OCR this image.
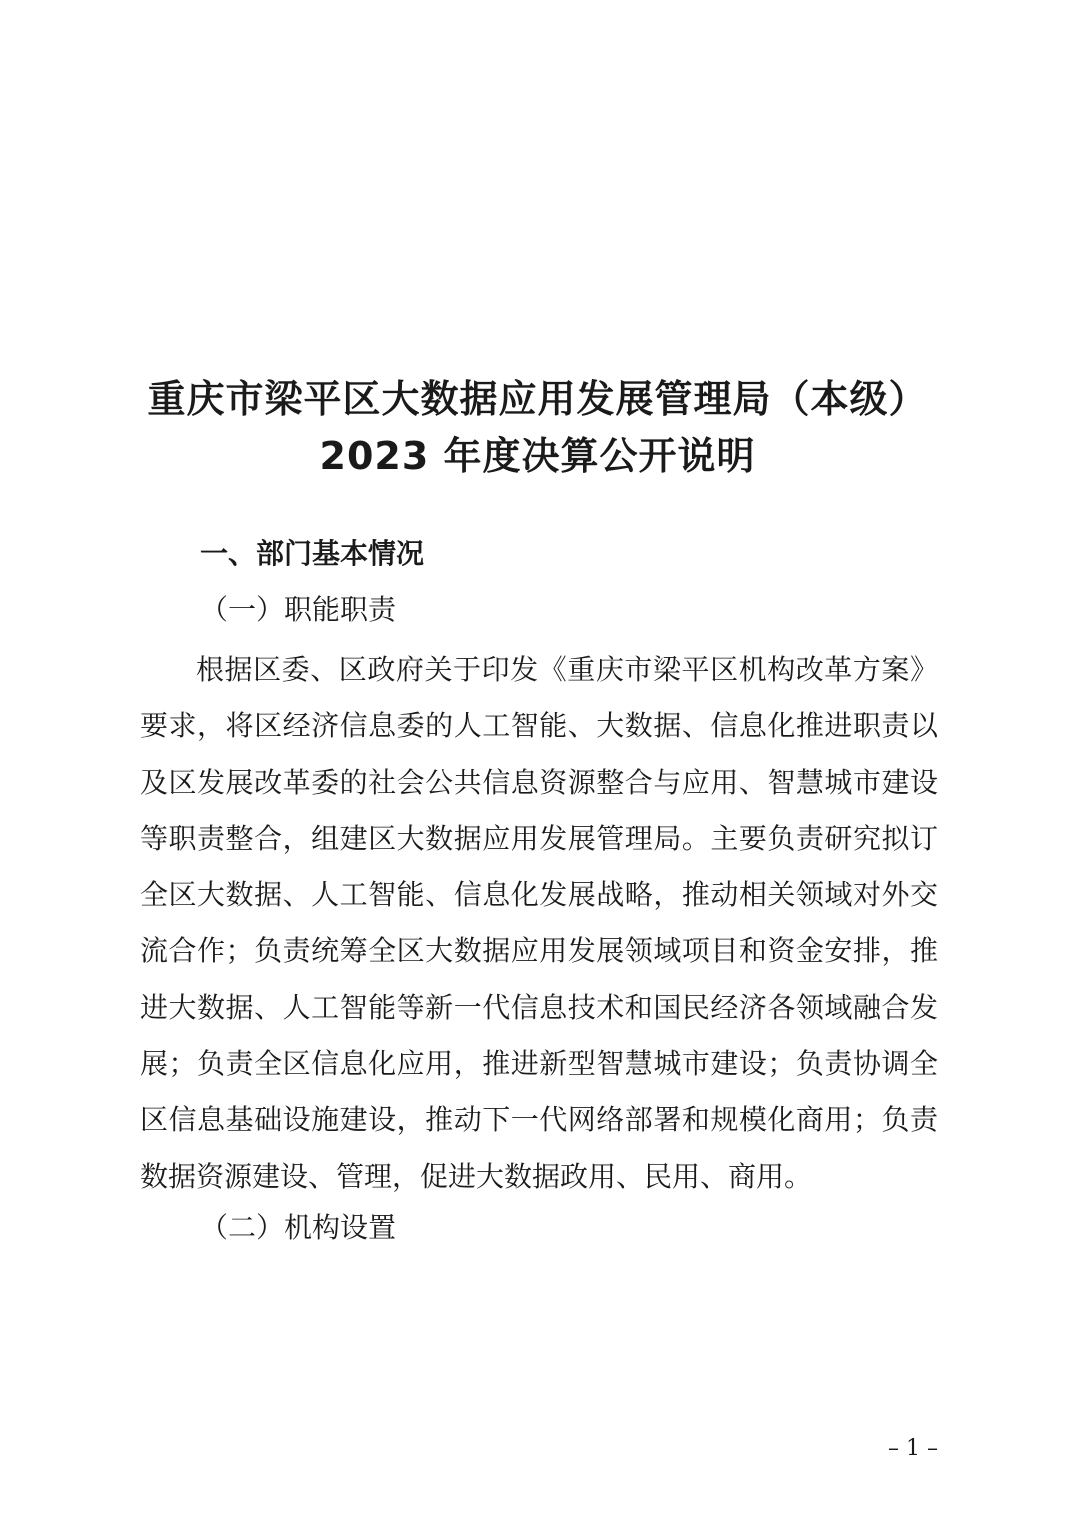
重庆市梁平区大数据应用发展管理局（本级）
2023 年度决算公开说明
一、部门基本情况
（一）职能职责
根据区委、区政府关于印发《重庆市梁平区机构改革方案》
要求，将区经济信息委的人工智能、大数据、信息化推进职责以
及区发展改革委的社会公共信息资源整合与应用、智慧城市建设
等职责整合，组建区大数据应用发展管理局。主要负责研究拟订
全区大数据、人工智能、信息化发展战略，推动相关领域对外交
流合作；负责统筹全区大数据应用发展领域项目和资金安排，推
进大数据、人工智能等新一代信息技术和国民经济各领域融合发
展；负责全区信息化应用，推进新型智慧城市建设；负责协调全
区信息基础设施建设，推动下一代网络部署和规模化商用；负责
数据资源建设、管理，促进大数据政用、民用、商用。
（二）机构设置
– 1 –
